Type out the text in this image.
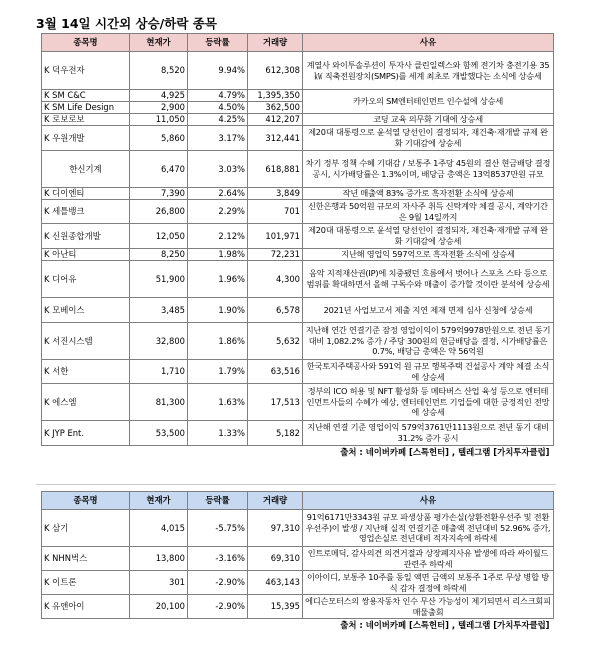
3월 14일 시간외 상승/하락 종목
종목명	현재가	등락률	거래량	사유
K 덕우전자	8,520	9.94%	612,308	계열사 와이투솔루션이 투자사 클린일렉스와 함께 전기차 충전기용 35㎾ 직축전원장치(SMPS)를 세계 최초로 개발했다는 소식에 상승세
K SM C&C	4,925	4.79%	1,395,350	카카오의 SM엔터테인먼트 인수설에 상승세
K SM Life Design	2,900	4.50%	362,500	
K 로보로보	11,050	4.25%	412,207	코딩 교육 의무화 기대에 상승세
K 우원개발	5,860	3.17%	312,441	제20대 대통령으로 윤석열 당선인이 결정되자, 재건축·재개발 규제 완화 기대감에 상승세
한신기계	6,470	3.03%	618,881	차기 정부 정책 수혜 기대감 / 보통주 1주당 45원의 결산 현금배당 결정 공시, 시가배당률은 1.3%이며, 배당금 총액은 13억8537만원 규모
K 디이엔티	7,390	2.64%	3,849	작년 매출액 83% 증가로 흑자전환 소식에 상승세
K 세틀뱅크	26,800	2.29%	701	신한은행과 50억원 규모의 자사주 취득 신탁계약 체결 공시, 계약기간은 9월 14일까지
K 신원종합개발	12,050	2.12%	101,971	제20대 대통령으로 윤석열 당선인이 결정되자, 재건축·재개발 규제 완화 기대감에 상승세
K 아난티	8,250	1.98%	72,231	지난해 영업익 597억으로 흑자전환 소식에 상승세
K 디어유	51,900	1.96%	4,300	음악 지적재산권(IP)에 치중됐던 흐름에서 벗어나 스포츠 스타 등으로 범위를 확대하면서 올해 구독수와 매출이 증가할 것이란 분석에 상승세
K 모베이스	3,485	1.90%	6,578	2021년 사업보고서 제출 지연 제재 면제 심사 신청에 상승세
K 서진시스템	32,800	1.86%	5,632	지난해 연간 연결기준 잠정 영업이익이 579억9978만원으로 전년 동기 대비 1,082.2% 증가 / 주당 300원의 현금배당을 결정, 시가배당률은 0.7%, 배당금 총액은 약 56억원
K 서한	1,710	1.79%	63,516	한국토지주택공사와 591억 원 규모 행복주택 건설공사 계약 체결 소식에 상승세
K 에스엠	81,300	1.63%	17,513	정부의 ICO 허용 및 NFT 활성화 등 메타버스 산업 육성 등으로 엔터테인먼트사들의 수혜가 예상, 엔터테인먼트 기업들에 대한 긍정적인 전망에 상승세
K JYP Ent.	53,500	1.33%	5,182	지난해 연결 기준 영업이익 579억3761만1113원으로 전년 동기 대비 31.2% 증가 공시
출처 : 네이버카페 [스톡헌터] , 텔레그램 [가치투자클럽]				
종목명	현재가	등락률	거래량	사유
K 삼기	4,015	-5.75%	97,310	91억6171만3343원 규모 파생상품 평가손실(상환전환우선주 및 전환우선주)이 발생 / 지난해 실적 연결기준 매출액 전년대비 52.96% 증가, 영업손실로 전년대비 적자지속에 하락세
K NHN벅스	13,800	-3.16%	69,310	인트로메딕, 감사의견 의견거절과 상장폐지사유 발생에 따라 싸이월드 관련주 하락세
K 이트론	301	-2.90%	463,143	이아이디, 보통주 10주를 동일 액면 금액의 보통주 1주로 무상 병합 방식 감자 결정에 하락세
K 유앤아이	20,100	-2.90%	15,395	에디슨모터스의 쌍용자동차 인수 무산 가능성이 제기되면서 리스크회피매물출회
출처 : 네이버카페 [스톡헌터] , 텔레그램 [가치투자클럽]				
